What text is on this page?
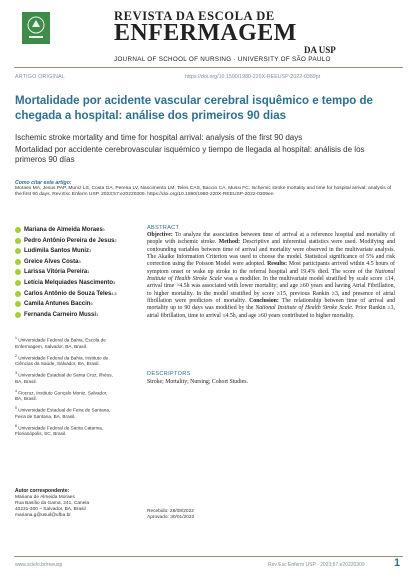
REVISTA DA ESCOLA DE
ENFERMAGEM
DA USP
JOURNAL OF SCHOOL OF NURSING · UNIVERSITY OF SÃO PAULO
ARTIGO ORIGINAL	https://doi.org/10.1590/1980-220X-REEUSP-2022-0389pt
Mortalidade por acidente vascular cerebral isquêmico e tempo de chegada a hospital: análise dos primeiros 90 dias
Ischemic stroke mortality and time for hospital arrival: analysis of the first 90 days
Mortalidad por accidente cerebrovascular isquémico y tiempo de llegada al hospital: análisis de los primeros 90 días
Como citar este artigo:
Moraes MA, Jesus PAP, Muniz LS, Costa GA, Pereira LV, Nascimento LM, Teles CAS, Baccin CA, Mussi FC. Ischemic stroke mortality and time for hospital arrival: analysis of the first 90 days. Rev Esc Enferm USP. 2023;57:e20220309. https://doi.org/10.1590/1980-220X-REEUSP-2022-0309en
Mariana de Almeida Moraes 1
Pedro Antônio Pereira de Jesus 2
Ludimila Santos Muniz 3
Greice Alves Costa 3
Larissa Vitória Pereira 1
Letícia Melquiades Nascimento 3
Carlos Antônio de Souza Teles 4,5
Camila Antunes Baccin 6
Fernanda Carneiro Mussi 1
$^1$ Universidade Federal da Bahia, Escola de Enfermagem, Salvador, BA, Brasil.
$^2$ Universidade Federal da Bahia, Instituto de Ciências da Saúde, Salvador, BA, Brasil.
$^3$ Universidade Estadual de Santa Cruz, Ilhéus, BA, Brasil.
$^4$ Fiocruz, Instituto Gonçalo Moniz, Salvador, BA, Brasil.
$^5$ Universidade Estadual de Feira de Santana, Feira de Santana, BA, Brasil.
$^6$ Universidade Federal de Santa Catarina, Florianópolis, SC, Brasil.
ABSTRACT
Objective: To analyze the association between time of arrival at a reference hospital and mortality of people with ischemic stroke. Method: Descriptive and inferential statistics were used. Modifying and confounding variables between time of arrival and mortality were observed in the multivariate analysis. The Akaike Information Criterion was used to choose the model. Statistical significance of 5% and risk correction using the Poisson Model were adopted. Results: Most participants arrived within 4.5 hours of symptom onset or wake up stroke to the referral hospital and 19.4% died. The score of the National Institute of Health Stroke Scale was a modifier. In the multivariate model stratified by scale score ≤14, arrival time >4.5h was associated with lower mortality; and age ≥60 years and having Atrial Fibrillation, to higher mortality. In the model stratified by score ≥15, previous Rankin ≥3, and presence of atrial fibrillation were predictors of mortality. Conclusion: The relationship between time of arrival and mortality up to 90 days was modified by the National Institute of Health Stroke Scale. Prior Rankin ≥3, atrial fibrillation, time to arrival ≤4.5h, and age ≥60 years contributed to higher mortality.
DESCRIPTORS
Stroke; Mortality; Nursing; Cohort Studies.
Autor correspondente:
Mariana de Almeida Moraes
Rua Basílio da Gama, 241, Canela
40231-300 – Salvador, BA, Brasil
mariana.g@usuil@ufba.br
Recebido: 28/08/2022
Aprovado: 30/01/2023
www.scielo.br/reeusp	Rev Esc Enferm USP · 2023;57:e20220309	1
